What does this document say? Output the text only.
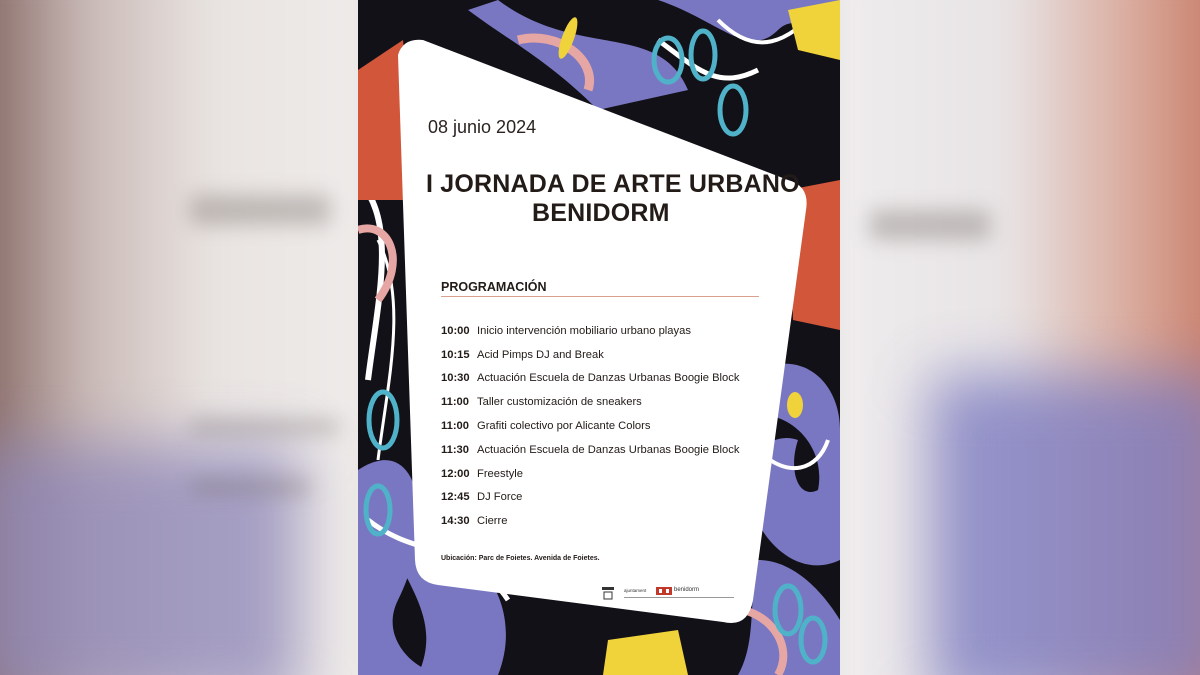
08 junio 2024
I JORNADA DE ARTE URBANO
BENIDORM
PROGRAMACIÓN
10:00 Inicio intervención mobiliario urbano playas
10:15 Acid Pimps DJ and Break
10:30 Actuación Escuela de Danzas Urbanas Boogie Block
11:00 Taller customización de sneakers
11:00 Grafiti colectivo por Alicante Colors
11:30 Actuación Escuela de Danzas Urbanas Boogie Block
12:00 Freestyle
12:45 DJ Force
14:30 Cierre
Ubicación: Parc de Foietes. Avenida de Foietes.
ajuntament	benidorm
